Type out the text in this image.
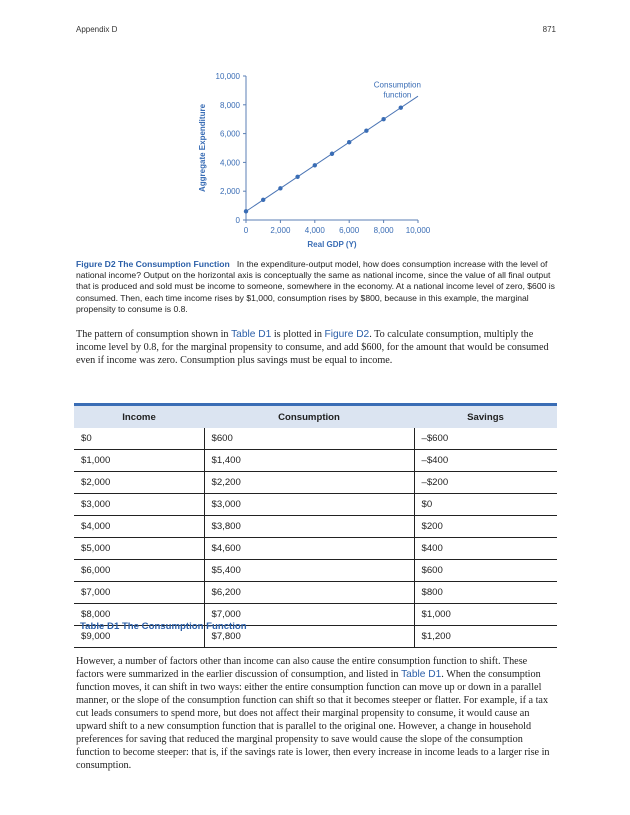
Appendix D	871
0
2,000
4,000
6,000
8,000
10,000
0	2,000 4,000 6,000 8,000 10,000
Real GDP (Y)
Aggregate Expenditure
Consumption
function
Figure D2 The Consumption Function In the expenditure-output model, how does consumption increase with the level of national income? Output on the horizontal axis is conceptually the same as national income, since the value of all final output that is produced and sold must be income to someone, somewhere in the economy. At a national income level of zero, $600 is consumed. Then, each time income rises by $1,000, consumption rises by $800, because in this example, the marginal propensity to consume is 0.8.
The pattern of consumption shown in Table D1 is plotted in Figure D2. To calculate consumption, multiply the income level by 0.8, for the marginal propensity to consume, and add $600, for the amount that would be consumed even if income was zero. Consumption plus savings must be equal to income.
Income	Consumption	Savings
$0	$600	–$600
$1,000	$1,400	–$400
$2,000	$2,200	–$200
$3,000	$3,000	$0
$4,000	$3,800	$200
$5,000	$4,600	$400
$6,000	$5,400	$600
$7,000	$6,200	$800
$8,000	$7,000	$1,000
$9,000	$7,800	$1,200
Table D1 The Consumption Function
However, a number of factors other than income can also cause the entire consumption function to shift. These factors were summarized in the earlier discussion of consumption, and listed in Table D1. When the consumption function moves, it can shift in two ways: either the entire consumption function can move up or down in a parallel manner, or the slope of the consumption function can shift so that it becomes steeper or flatter. For example, if a tax cut leads consumers to spend more, but does not affect their marginal propensity to consume, it would cause an upward shift to a new consumption function that is parallel to the original one. However, a change in household preferences for saving that reduced the marginal propensity to save would cause the slope of the consumption function to become steeper: that is, if the savings rate is lower, then every increase in income leads to a larger rise in consumption.
